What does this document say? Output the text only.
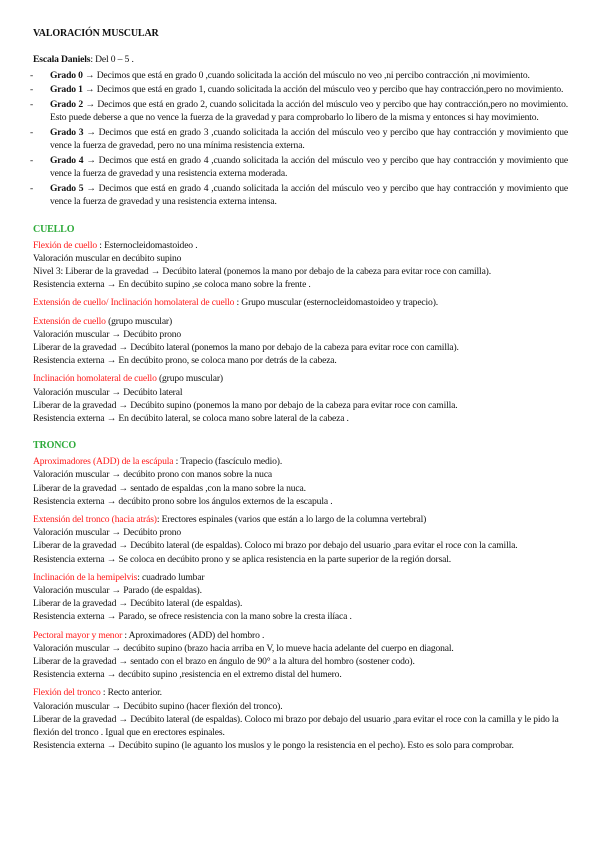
VALORACIÓN MUSCULAR
Escala Daniels: Del 0 – 5 .
- Grado 0 → Decimos que está en grado 0 ,cuando solicitada la acción del músculo no veo ,ni percibo contracción ,ni movimiento.
- Grado 1 → Decimos que está en grado 1, cuando solicitada la acción del músculo veo y percibo que hay contracción,pero no movimiento.
- Grado 2 → Decimos que está en grado 2, cuando solicitada la acción del músculo veo y percibo que hay contracción,pero no movimiento. Esto puede deberse a que no vence la fuerza de la gravedad y para comprobarlo lo libero de la misma y entonces si hay movimiento.
- Grado 3 → Decimos que está en grado 3 ,cuando solicitada la acción del músculo veo y percibo que hay contracción y movimiento que vence la fuerza de gravedad, pero no una mínima resistencia externa.
- Grado 4 → Decimos que está en grado 4 ,cuando solicitada la acción del músculo veo y percibo que hay contracción y movimiento que vence la fuerza de gravedad y una resistencia externa moderada.
- Grado 5 → Decimos que está en grado 4 ,cuando solicitada la acción del músculo veo y percibo que hay contracción y movimiento que vence la fuerza de gravedad y una resistencia externa intensa.
CUELLO
Flexión de cuello : Esternocleidomastoideo .
Valoración muscular en decúbito supino
Nivel 3: Liberar de la gravedad → Decúbito lateral (ponemos la mano por debajo de la cabeza para evitar roce con camilla).
Resistencia externa → En decúbito supino ,se coloca mano sobre la frente .
Extensión de cuello/ Inclinación homolateral de cuello : Grupo muscular (esternocleidomastoideo y trapecio).
Extensión de cuello (grupo muscular)
Valoración muscular → Decúbito prono
Liberar de la gravedad → Decúbito lateral (ponemos la mano por debajo de la cabeza para evitar roce con camilla).
Resistencia externa → En decúbito prono, se coloca mano por detrás de la cabeza.
Inclinación homolateral de cuello (grupo muscular)
Valoración muscular → Decúbito lateral
Liberar de la gravedad → Decúbito supino (ponemos la mano por debajo de la cabeza para evitar roce con camilla.
Resistencia externa → En decúbito lateral, se coloca mano sobre lateral de la cabeza .
TRONCO
Aproximadores (ADD) de la escápula : Trapecio (fascículo medio).
Valoración muscular → decúbito prono con manos sobre la nuca
Liberar de la gravedad → sentado de espaldas ,con la mano sobre la nuca.
Resistencia externa → decúbito prono sobre los ángulos externos de la escapula .
Extensión del tronco (hacia atrás): Erectores espinales (varios que están a lo largo de la columna vertebral)
Valoración muscular → Decúbito prono
Liberar de la gravedad → Decúbito lateral (de espaldas). Coloco mi brazo por debajo del usuario ,para evitar el roce con la camilla.
Resistencia externa → Se coloca en decúbito prono y se aplica resistencia en la parte superior de la región dorsal.
Inclinación de la hemipelvis: cuadrado lumbar
Valoración muscular → Parado (de espaldas).
Liberar de la gravedad → Decúbito lateral (de espaldas).
Resistencia externa → Parado, se ofrece resistencia con la mano sobre la cresta ilíaca .
Pectoral mayor y menor : Aproximadores (ADD) del hombro .
Valoración muscular → decúbito supino (brazo hacia arriba en V, lo mueve hacia adelante del cuerpo en diagonal.
Liberar de la gravedad → sentado con el brazo en ángulo de 90° a la altura del hombro (sostener codo).
Resistencia externa → decúbito supino ,resistencia en el extremo distal del humero.
Flexión del tronco : Recto anterior.
Valoración muscular → Decúbito supino (hacer flexión del tronco).
Liberar de la gravedad → Decúbito lateral (de espaldas). Coloco mi brazo por debajo del usuario ,para evitar el roce con la camilla y le pido la flexión del tronco . Igual que en erectores espinales.
Resistencia externa → Decúbito supino (le aguanto los muslos y le pongo la resistencia en el pecho). Esto es solo para comprobar.
